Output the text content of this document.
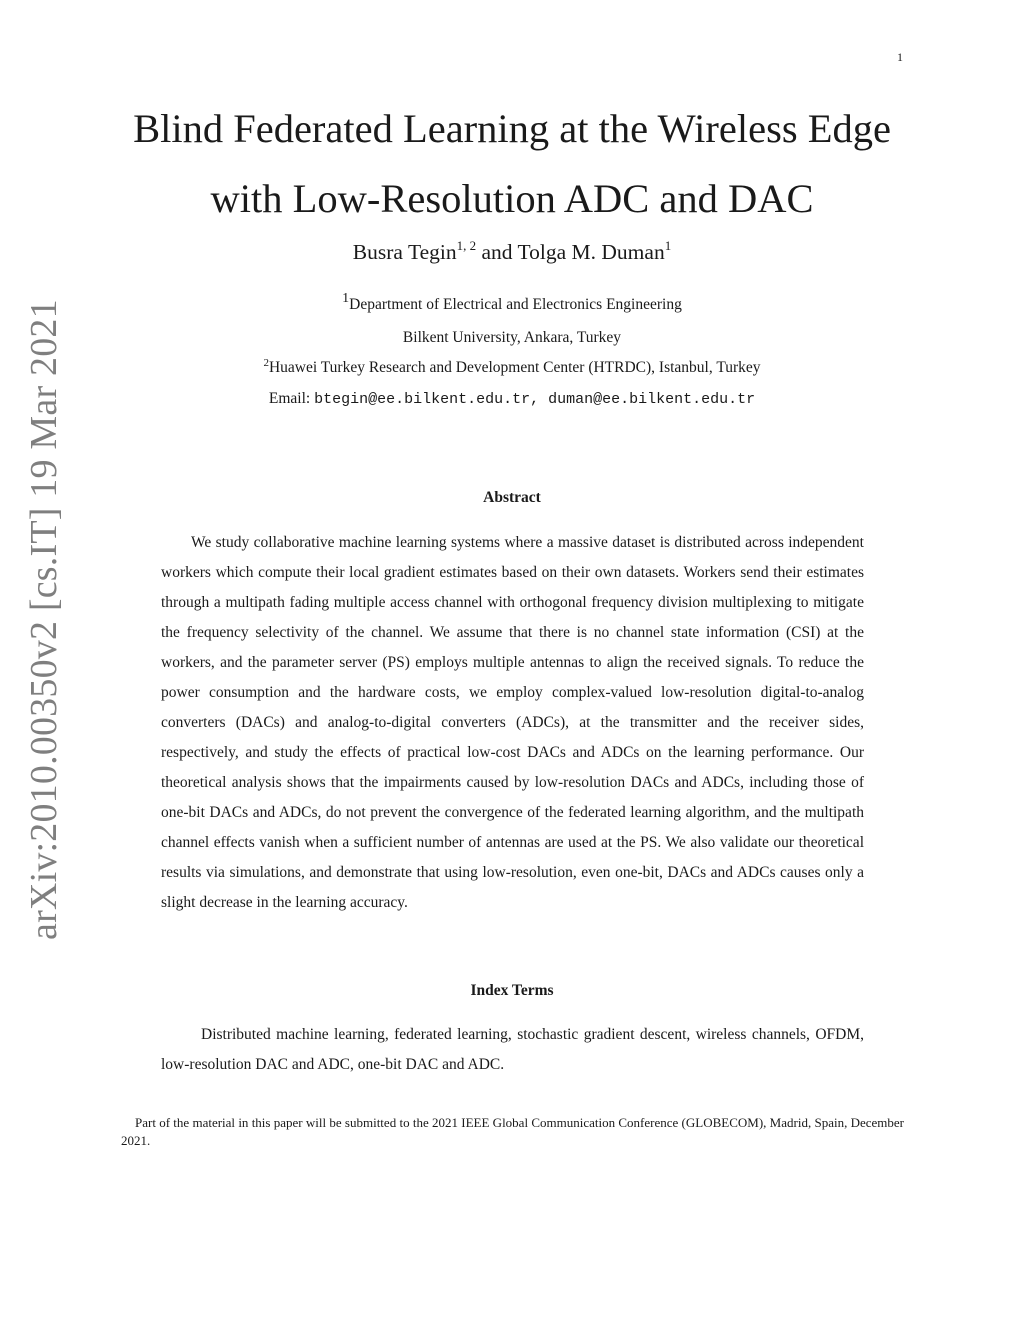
1
arXiv:2010.00350v2 [cs.IT] 19 Mar 2021
Blind Federated Learning at the Wireless Edge
with Low-Resolution ADC and DAC
Busra Tegin$^{1, 2}$ and Tolga M. Duman$^1$
$^1$Department of Electrical and Electronics Engineering
Bilkent University, Ankara, Turkey
$^2$Huawei Turkey Research and Development Center (HTRDC), Istanbul, Turkey
Email: btegin@ee.bilkent.edu.tr, duman@ee.bilkent.edu.tr
Abstract

We study collaborative machine learning systems where a massive dataset is distributed across independent workers which compute their local gradient estimates based on their own datasets. Workers send their estimates through a multipath fading multiple access channel with orthogonal frequency division multiplexing to mitigate the frequency selectivity of the channel. We assume that there is no channel state information (CSI) at the workers, and the parameter server (PS) employs multiple antennas to align the received signals. To reduce the power consumption and the hardware costs, we employ complex-valued low-resolution digital-to-analog converters (DACs) and analog-to-digital converters (ADCs), at the transmitter and the receiver sides, respectively, and study the effects of practical low-cost DACs and ADCs on the learning performance. Our theoretical analysis shows that the impairments caused by low-resolution DACs and ADCs, including those of one-bit DACs and ADCs, do not prevent the convergence of the federated learning algorithm, and the multipath channel effects vanish when a sufficient number of antennas are used at the PS. We also validate our theoretical results via simulations, and demonstrate that using low-resolution, even one-bit, DACs and ADCs causes only a slight decrease in the learning accuracy.

Index Terms

Distributed machine learning, federated learning, stochastic gradient descent, wireless channels, OFDM, low-resolution DAC and ADC, one-bit DAC and ADC.

Part of the material in this paper will be submitted to the 2021 IEEE Global Communication Conference (GLOBECOM), Madrid, Spain, December 2021.
